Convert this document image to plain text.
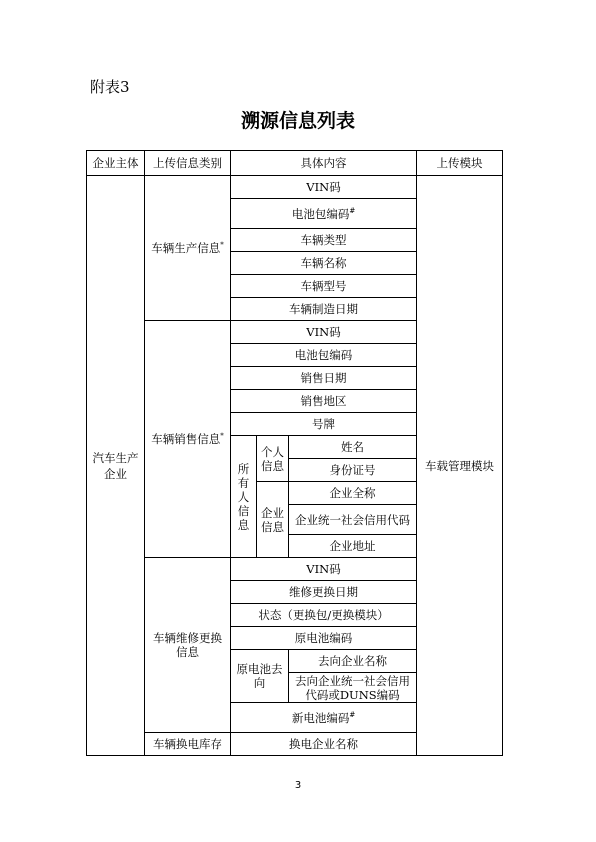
附表3
溯源信息列表
企业主体	上传信息类别	具体内容			上传模块
汽车生产企业	车辆生产信息*	VIN码			车载管理模块
		电池包编码#
		车辆类型			
		车辆名称			
		车辆型号			
		车辆制造日期			
	车辆销售信息*	VIN码			
		电池包编码			
		销售日期			
		销售地区			
		号牌			
		所有人信息	个人信息	姓名	
				身份证号	
			企业信息	企业全称	
				企业统一社会信用代码	
				企业地址	
	车辆维修更换信息	VIN码			
		维修更换日期			
		状态（更换包/更换模块）			
		原电池编码			
		原电池去向		去向企业名称	
				去向企业统一社会信用代码或DUNS编码	
		新电池编码#
	车辆换电库存	换电企业名称			
3
